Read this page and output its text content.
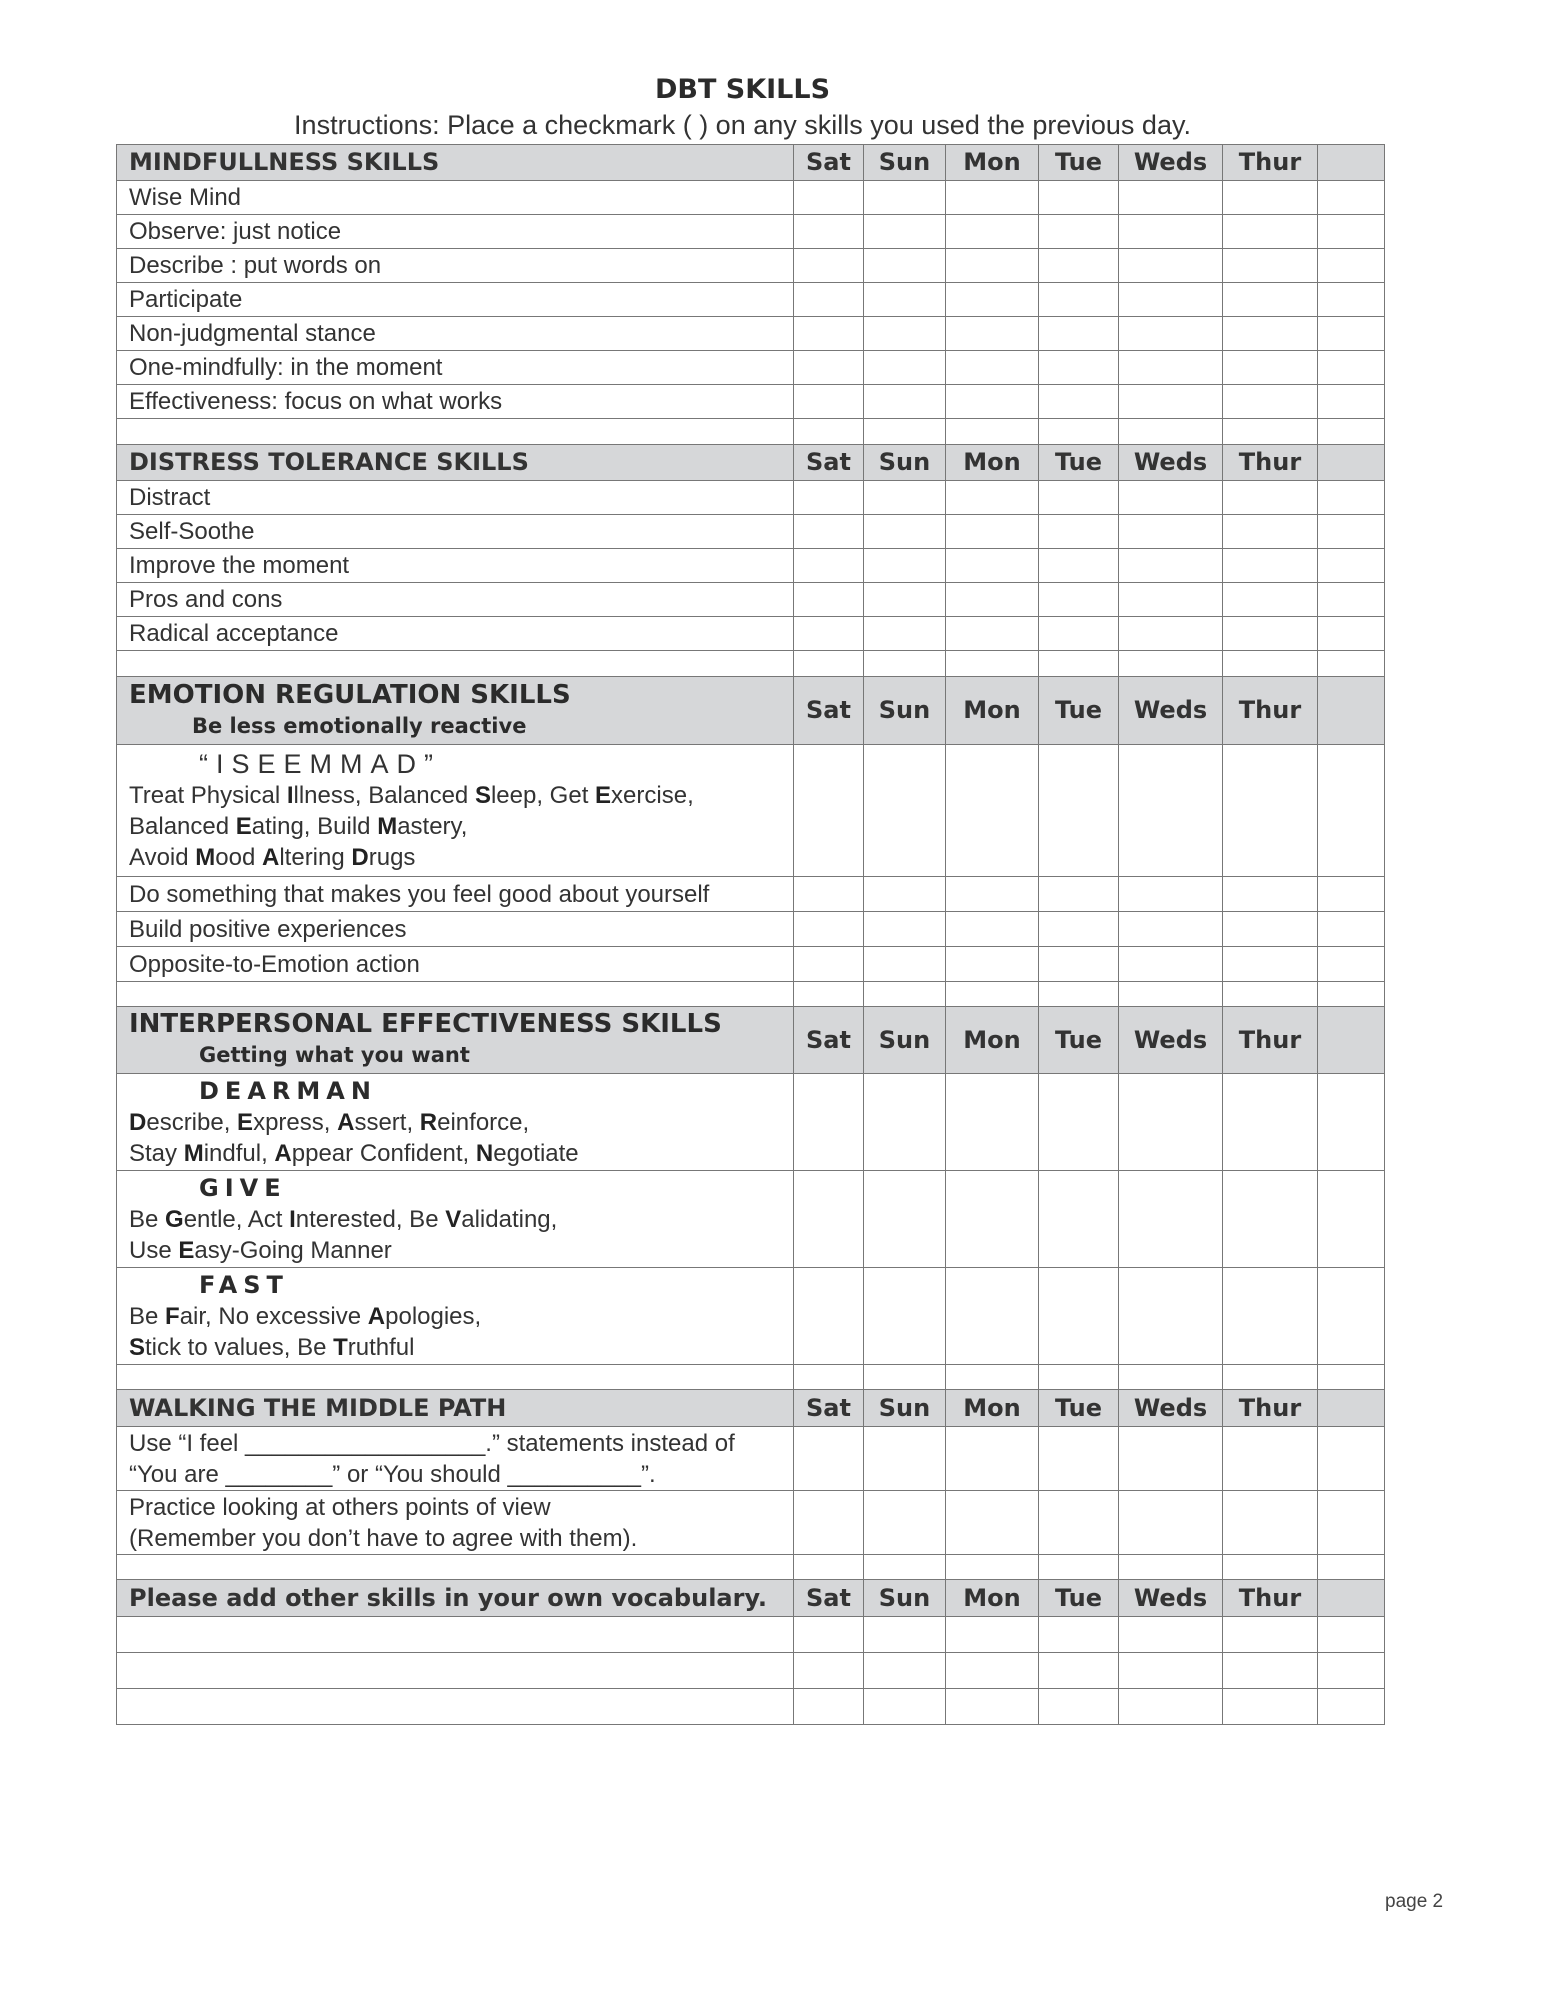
DBT SKILLS
Instructions: Place a checkmark ( ) on any skills you used the previous day.
MINDFULLNESS SKILLS	Sat	Sun	Mon	Tue	Weds	Thur		
Wise Mind								
Observe: just notice								
Describe : put words on								
Participate								
Non-judgmental stance								
One-mindfully: in the moment								
Effectiveness: focus on what works								

DISTRESS TOLERANCE SKILLS	Sat	Sun	Mon	Tue	Weds	Thur		
Distract								
Self-Soothe								
Improve the moment								
Pros and cons								
Radical acceptance								

EMOTION REGULATION SKILLS
Be less emotionally reactive	Sat	Sun	Mon	Tue	Weds	Thur		

“ISEEMMAD”
Treat Physical Illness, Balanced Sleep, Get Exercise,
Balanced Eating, Build Mastery,
Avoid Mood Altering Drugs								

Do something that makes you feel good about yourself								
Build positive experiences								
Opposite-to-Emotion action								

INTERPERSONAL EFFECTIVENESS SKILLS
Getting what you want	Sat	Sun	Mon	Tue	Weds	Thur		

DEARMAN
Describe, Express, Assert, Reinforce,
Stay Mindful, Appear Confident, Negotiate								

GIVE
Be Gentle, Act Interested, Be Validating,
Use Easy-Going Manner								

FAST
Be Fair, No excessive Apologies,
Stick to values, Be Truthful								

WALKING THE MIDDLE PATH	Sat	Sun	Mon	Tue	Weds	Thur		

Use “I feel __________________.” statements instead of
“You are ________” or “You should __________”.								

Practice looking at others points of view
(Remember you don’t have to agree with them).								

Please add other skills in your own vocabulary.	Sat	Sun	Mon	Tue	Weds	Thur		

page 2
